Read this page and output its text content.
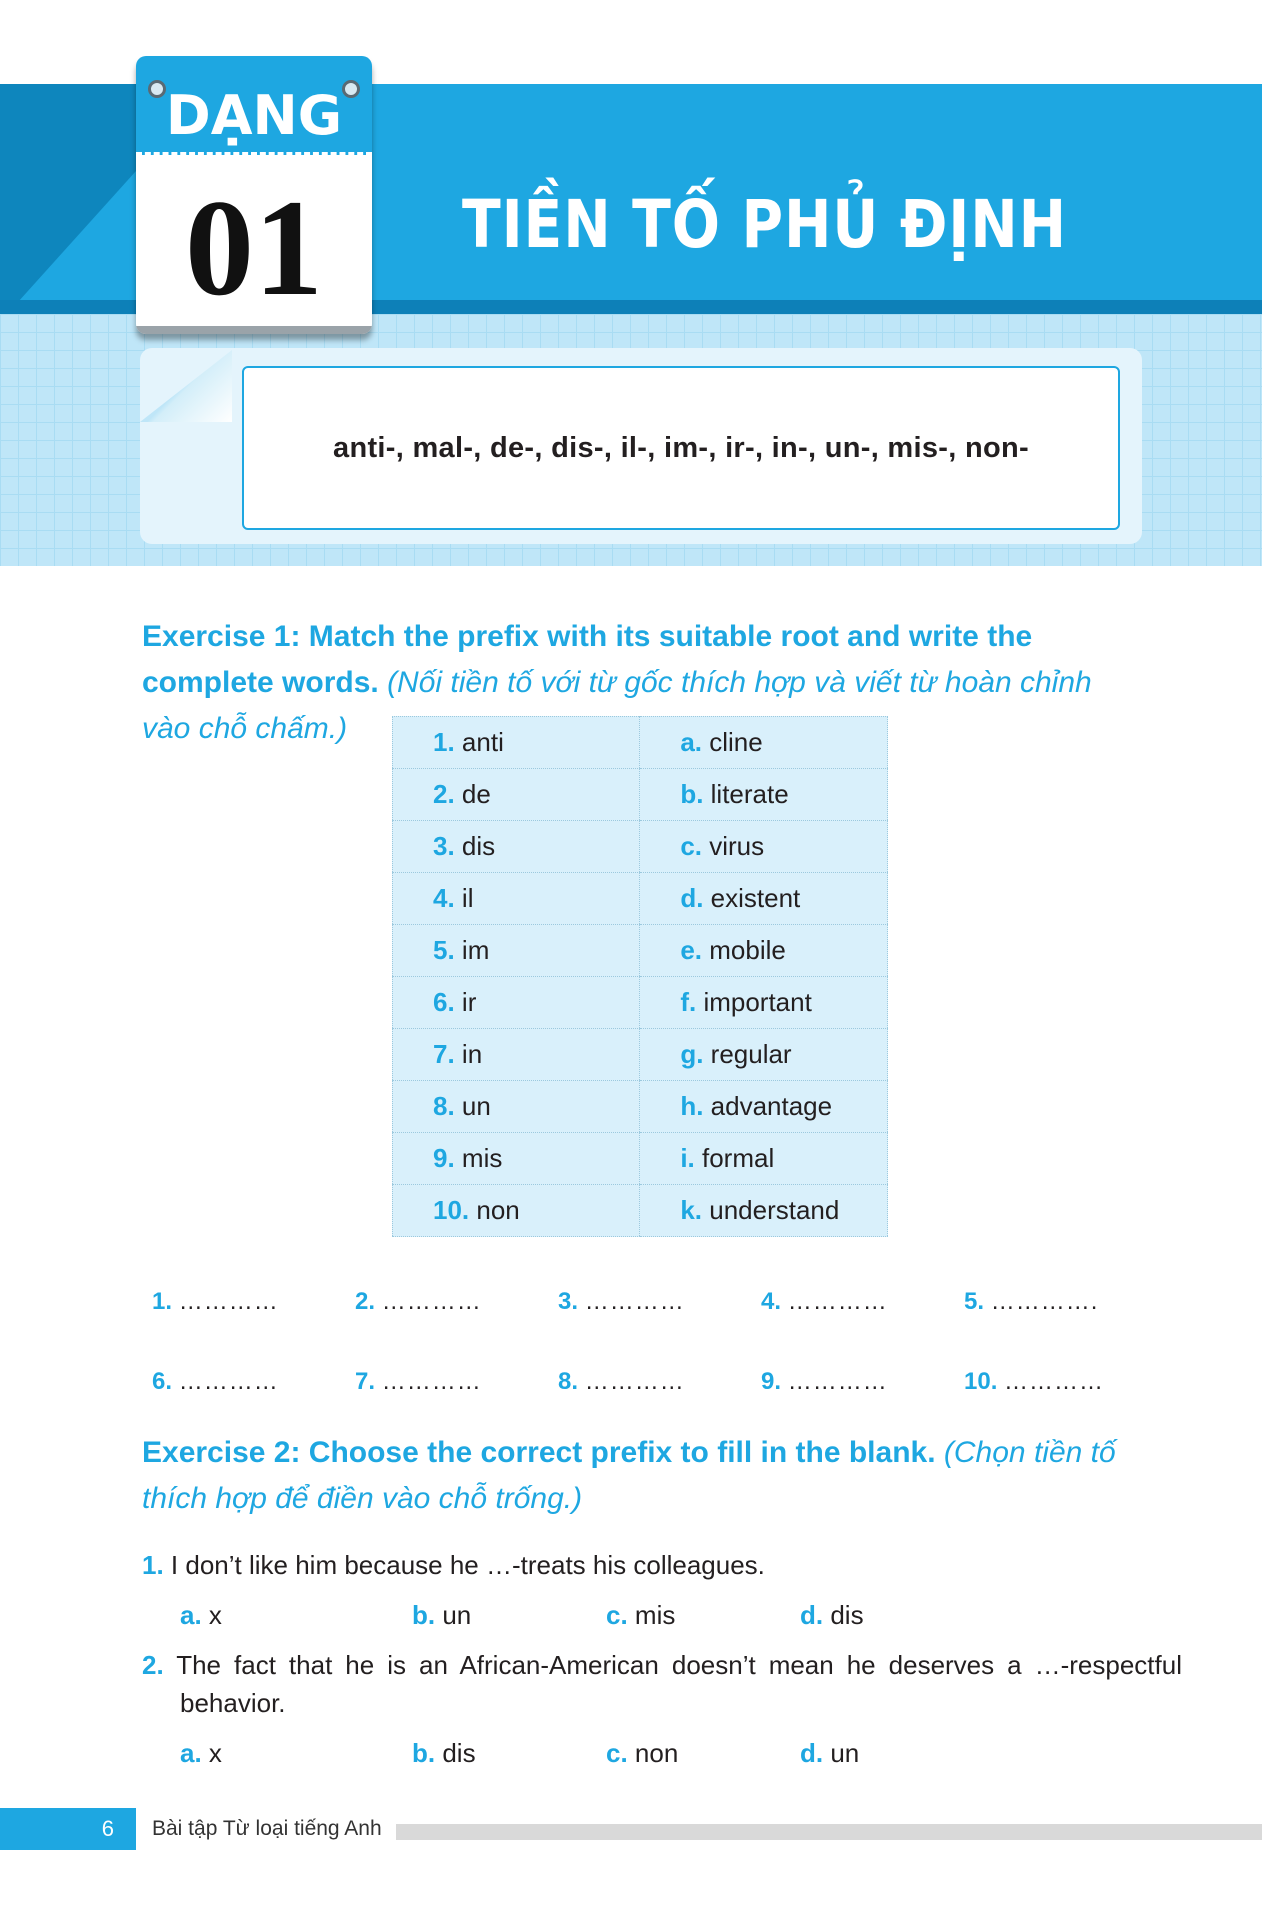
DẠNG
01	TIỀN TỐ PHỦ ĐỊNH
anti-, mal-, de-, dis-, il-, im-, ir-, in-, un-, mis-, non-
Exercise 1: Match the prefix with its suitable root and write the complete words. (Nối tiền tố với từ gốc thích hợp và viết từ hoàn chỉnh vào chỗ chấm.)	1. anti	a. cline
2. de	b. literate
3. dis	c. virus
4. il	d. existent
5. im	e. mobile
6. ir	f. important
7. in	g. regular
8. un	h. advantage
9. mis	i. formal
10. non	k. understand
1. …………	2. …………	3. …………	4. …………	5. ………….
6. …………	7. …………	8. …………	9. …………	10. …………
Exercise 2: Choose the correct prefix to fill in the blank. (Chọn tiền tố thích hợp để điền vào chỗ trống.)
1. I don’t like him because he …-treats his colleagues.
a. x	b. un	c. mis	d. dis
2. The fact that he is an African-American doesn’t mean he deserves a …-respectful behavior.
a. x	b. dis	c. non	d. un
6	Bài tập Từ loại tiếng Anh
